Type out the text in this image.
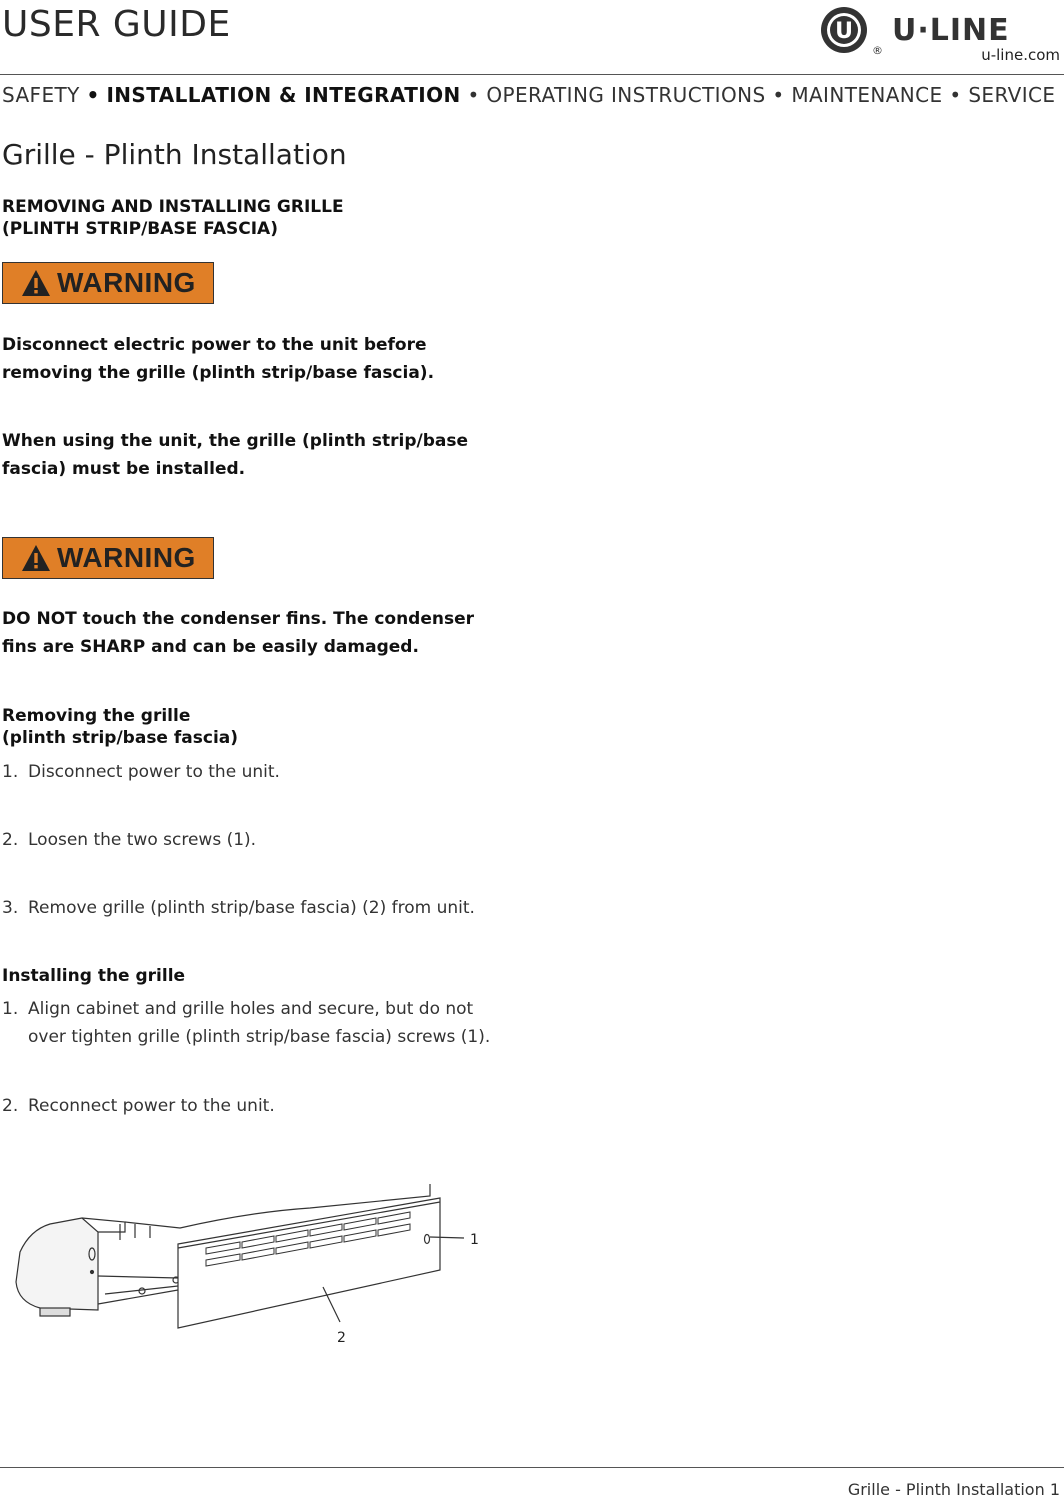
USER GUIDE	U
®
U·LINE
u-line.com
SAFETY • INSTALLATION & INTEGRATION • OPERATING INSTRUCTIONS • MAINTENANCE • SERVICE
Grille - Plinth Installation
REMOVING AND INSTALLING GRILLE
(PLINTH STRIP/BASE FASCIA)
WARNING
Disconnect electric power to the unit before removing the grille (plinth strip/base fascia).
When using the unit, the grille (plinth strip/base fascia) must be installed.
WARNING
DO NOT touch the condenser fins. The condenser fins are SHARP and can be easily damaged.
Removing the grille
(plinth strip/base fascia)
1. Disconnect power to the unit.
2. Loosen the two screws (1).
3. Remove grille (plinth strip/base fascia) (2) from unit.
Installing the grille
1. Align cabinet and grille holes and secure, but do not over tighten grille (plinth strip/base fascia) screws (1).
2. Reconnect power to the unit.
1
2
Grille - Plinth Installation 1
